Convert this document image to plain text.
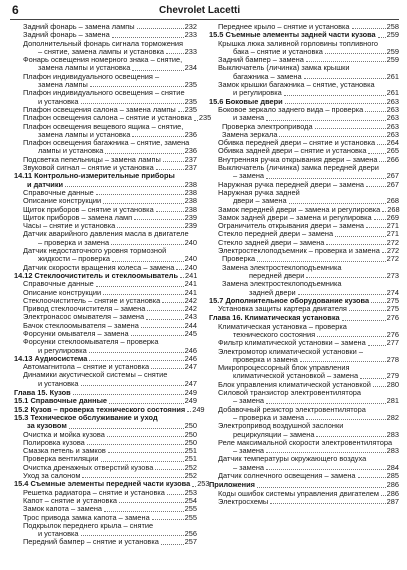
6	Chevrolet Lacetti
Задний фонарь – замена лампы	232
Задний фонарь – замена	233
Дополнительный фонарь сигнала торможения
– снятие, замена лампы и установка	233
Фонарь освещения номерного знака – снятие,
замена лампы и установка	234
Плафон индивидуального освещения –
замена лампы	235
Плафон индивидуального освещения – снятие
и установка	235
Плафон освещения салона – замена лампы 235
Плафон освещения салона – снятие и установка 235
Плафон освещения вещевого ящика – снятие,
замена лампы и установка	236
Плафон освещения багажника – снятие, замена
лампы и установка	236
Подсветка пепельницы – замена лампы	237
Звуковой сигнал – снятие и установка	237
14.11 Контрольно-измерительные приборы
и датчики	238
Справочные данные	238
Описание конструкции	238
Щиток приборов – снятие и установка	238
Щиток приборов – замена ламп	239
Часы – снятие и установка	239
Датчик аварийного давления масла в двигателе
– проверка и замена	240
Датчик недостаточного уровня тормозной
жидкости – проверка	240
Датчик скорости вращения колеса – замена 240
14.12 Стеклоочиститель и стеклоомыватель 241
Справочные данные	241
Описание конструкции	241
Стеклоочиститель – снятие и установка	242
Привод стеклоочистителя – замена	242
Электронасос омывателя – замена	243
Бачок стеклоомывателя – замена	244
Форсунки омывателя – замена	245
Форсунки стеклоомывателя – проверка
и регулировка	246
14.13 Аудиосистема	246
Автомагнитола – снятие и установка	247
Динамики акустической системы – снятие
и установка	247
Глава 15. Кузов	249
15.1 Справочные данные	249
15.2 Кузов – проверка технического состояния 249
15.3 Техническое обслуживание и уход
за кузовом	250
Очистка и мойка кузова	250
Полировка кузова	250
Смазка петель и замков	251
Проверка вентиляции	251
Очистка дренажных отверстий кузова	252
Уход за салоном	252
15.4 Съемные элементы передней части кузова 253
Решетка радиатора – снятие и установка	253
Капот – снятие и установка	254
Замок капота – замена	255
Трос привода замка капота – замена	255
Подкрылок переднего крыла – снятие
и установка	256
Передний бампер – снятие и установка	257
Переднее крыло – снятие и установка	258
15.5 Съемные элементы задней части кузова 259
Крышка люка заливной горловины топливного
бака – снятие и установка	259
Задний бампер – замена	259
Выключатель (личинка) замка крышки
багажника – замена	261
Замок крышки багажника – снятие, установка
и регулировка	261
15.6 Боковые двери	263
Боковое зеркало заднего вида – проверка	263
и замена	263
Проверка электропривода	263
Замена зеркала	263
Обивка передней двери – снятие и установка 264
Обивка задней двери – снятие и установка	265
Внутренняя ручка открывания двери – замена 266
Выключатель (личинка) замка передней двери
– замена	267
Наружная ручка передней двери – замена	267
Наружная ручка задней
двери – замена	268
Замок передней двери – замена и регулировка 268
Замок задней двери – замена и регулировка 269
Ограничитель открывания двери – замена	271
Стекло передней двери – замена	271
Стекло задней двери – замена	272
Электростеклоподъемник – проверка и замена 272
Проверка	272
Замена электростеклоподъемника
передней двери	273
Замена электростеклоподъемника
задней двери	274
15.7 Дополнительное оборудование кузова 275
Установка защиты картера двигателя	275
Глава 16. Климатическая установка	276
Климатическая установка – проверка
технического состояния	276
Фильтр климатической установки – замена	277
Электромотор климатической установки –
проверка и замена	278
Микропроцессорный блок управления
климатической установкой – замена	279
Блок управления климатической установкой 280
Силовой транзистор электровентилятора
– замена	281
Добавочный резистор электровентилятора
– проверка и замена	282
Электропривод воздушной заслонки
рециркуляции – замена	283
Реле максимальной скорости электровентилятора
– замена	283
Датчик температуры окружающего воздуха
– замена	284
Датчик солнечного освещения – замена	285
Приложения	286
Коды ошибок системы управления двигателем 286
Электросхемы	287
